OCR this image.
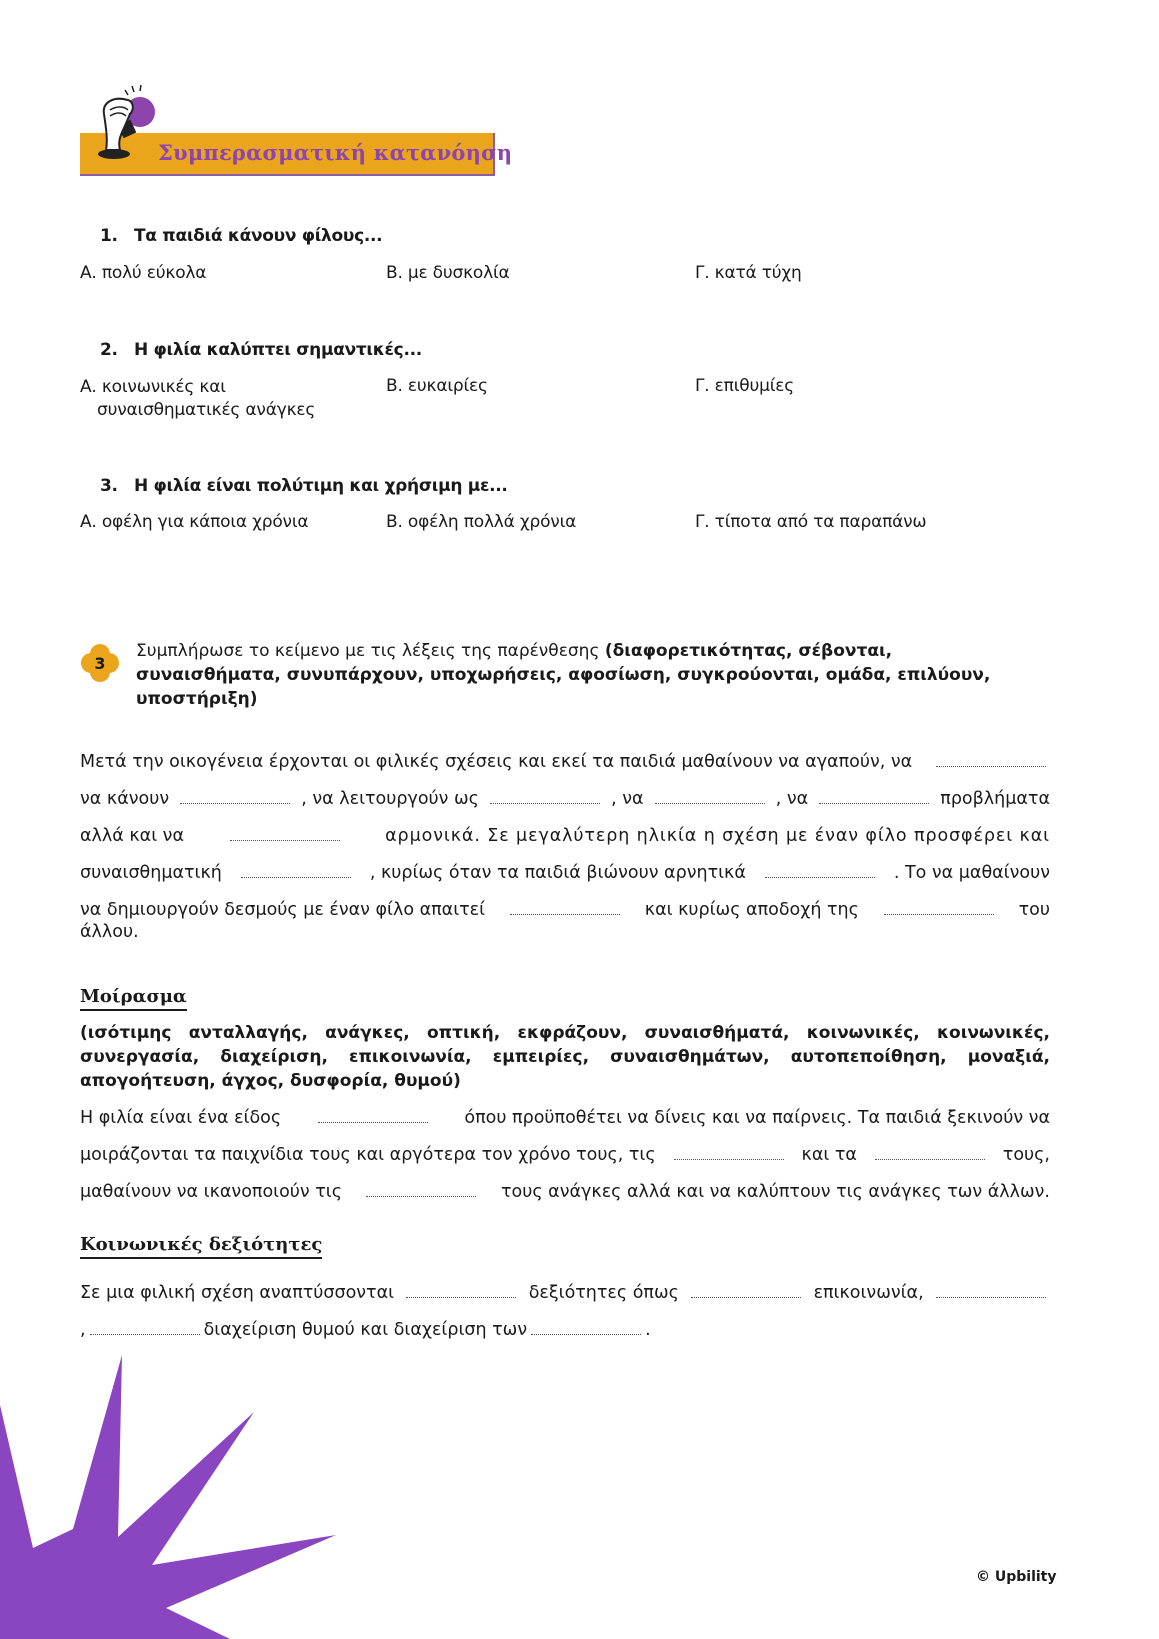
Συμπερασματική κατανόηση
1. Τα παιδιά κάνουν φίλους...
Α. πολύ εύκολα	Β. με δυσκολία	Γ. κατά τύχη
2. Η φιλία καλύπτει σημαντικές...
Α. κοινωνικές και
συναισθηματικές ανάγκες
Β. ευκαιρίες	Γ. επιθυμίες
3. Η φιλία είναι πολύτιμη και χρήσιμη με...
Α. οφέλη για κάποια χρόνια	Β. οφέλη πολλά χρόνια	Γ. τίποτα από τα παραπάνω
3
Συμπλήρωσε το κείμενο με τις λέξεις της παρένθεσης (διαφορετικότητας, σέβονται, συναισθήματα, συνυπάρχουν, υποχωρήσεις, αφοσίωση, συγκρούονται, ομάδα, επιλύουν, υποστήριξη)
Μετά την οικογένεια έρχονται οι φιλικές σχέσεις και εκεί τα παιδιά μαθαίνουν να αγαπούν, να
να κάνουν	, να λειτουργούν ως	, να	, να	προβλήματα
αλλά και να	αρμονικά. Σε μεγαλύτερη ηλικία η σχέση με έναν φίλο προσφέρει και
συναισθηματική	, κυρίως όταν τα παιδιά βιώνουν αρνητικά	. Το να μαθαίνουν
να δημιουργούν δεσμούς με έναν φίλο απαιτεί	και κυρίως αποδοχή της	του
άλλου.
Μοίρασμα
(ισότιμης ανταλλαγής, ανάγκες, οπτική, εκφράζουν, συναισθήματά, κοινωνικές, κοινωνικές, συνεργασία, διαχείριση, επικοινωνία, εμπειρίες, συναισθημάτων, αυτοπεποίθηση, μοναξιά, απογοήτευση, άγχος, δυσφορία, θυμού)
Η φιλία είναι ένα είδος	όπου προϋποθέτει να δίνεις και να παίρνεις. Τα παιδιά ξεκινούν να
μοιράζονται τα παιχνίδια τους και αργότερα τον χρόνο τους, τις	και τα	τους,
μαθαίνουν να ικανοποιούν τις	τους ανάγκες αλλά και να καλύπτουν τις ανάγκες των άλλων.
Κοινωνικές δεξιότητες
Σε μια φιλική σχέση αναπτύσσονται	δεξιότητες όπως	επικοινωνία,
,	διαχείριση θυμού και διαχείριση των	.
© Upbility
